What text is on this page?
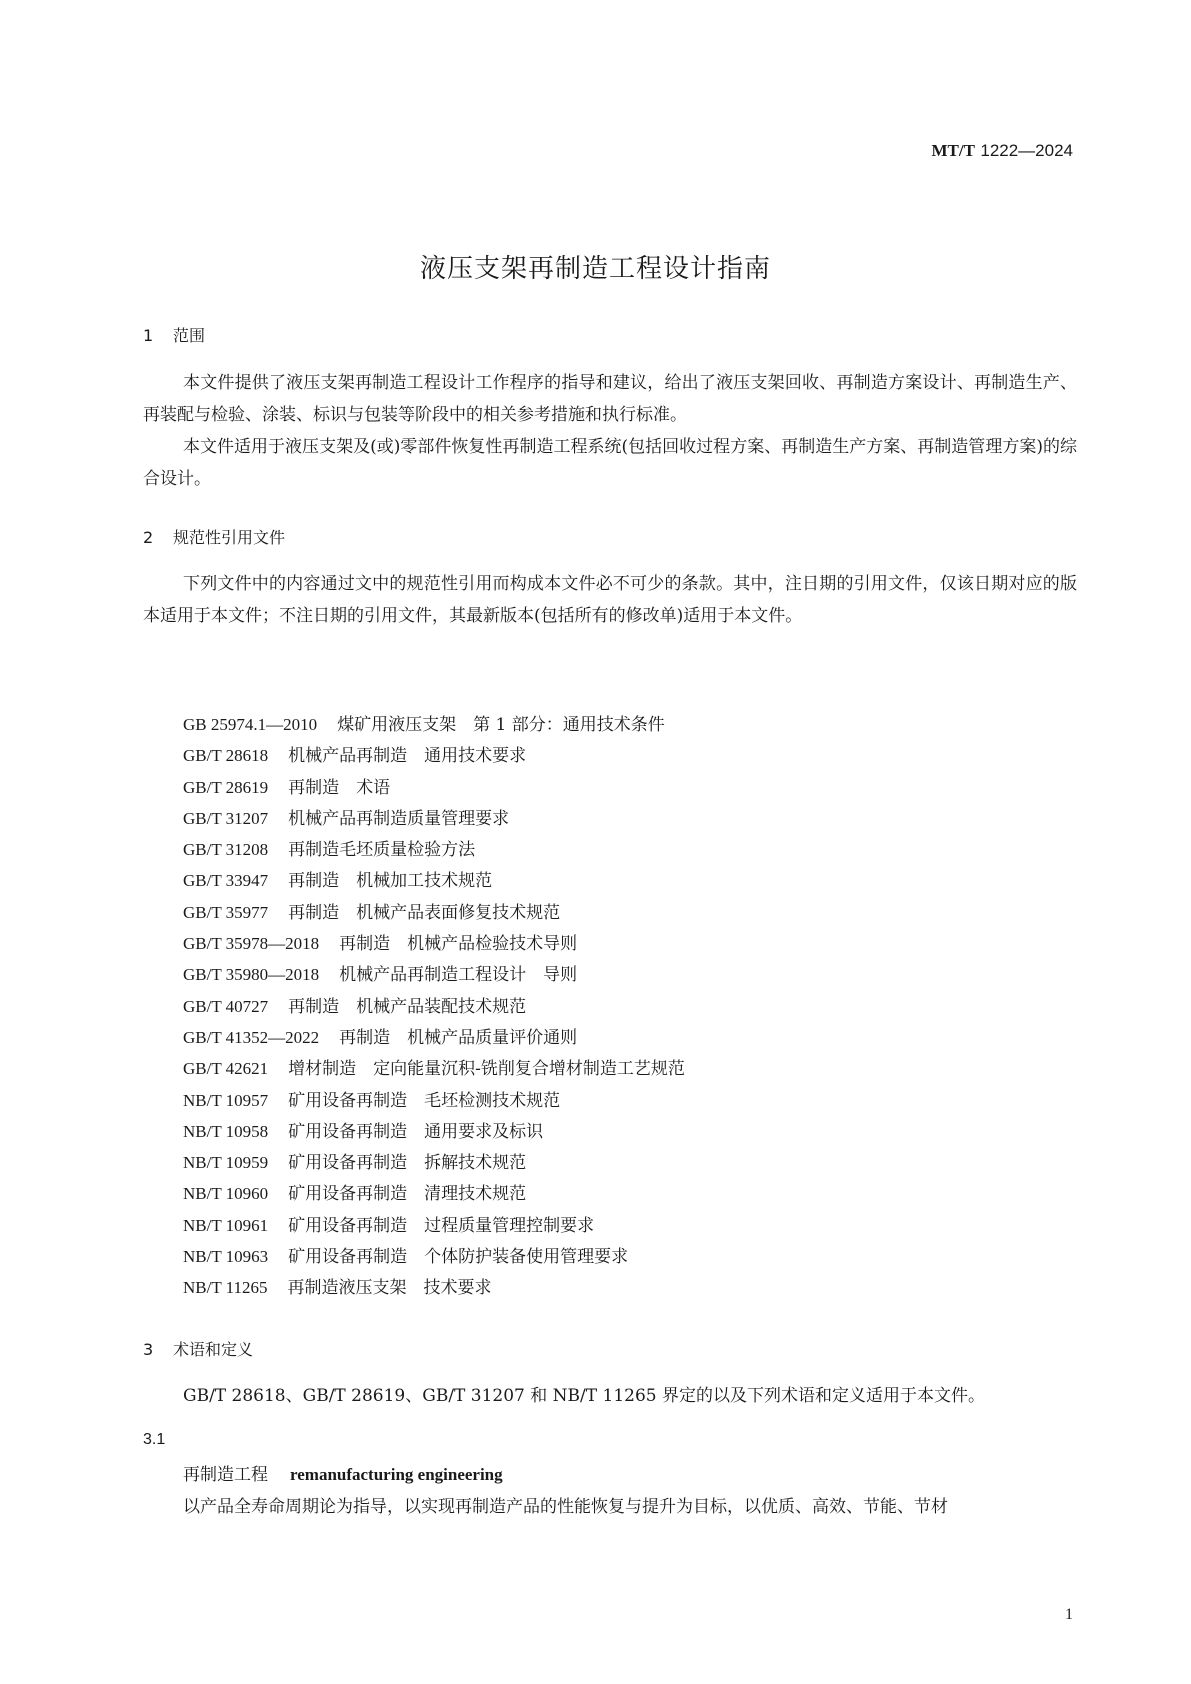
MT/T 1222—2024
液压支架再制造工程设计指南
1 范围

本文件提供了液压支架再制造工程设计工作程序的指导和建议，给出了液压支架回收、再制造方案设计、再制造生产、再装配与检验、涂装、标识与包装等阶段中的相关参考措施和执行标准。

本文件适用于液压支架及(或)零部件恢复性再制造工程系统(包括回收过程方案、再制造生产方案、再制造管理方案)的综合设计。

2 规范性引用文件

下列文件中的内容通过文中的规范性引用而构成本文件必不可少的条款。其中，注日期的引用文件，仅该日期对应的版本适用于本文件；不注日期的引用文件，其最新版本(包括所有的修改单)适用于本文件。

GB 25974.1—2010 煤矿用液压支架　第 1 部分：通用技术条件
GB/T 28618 机械产品再制造　通用技术要求
GB/T 28619 再制造　术语
GB/T 31207 机械产品再制造质量管理要求
GB/T 31208 再制造毛坯质量检验方法
GB/T 33947 再制造　机械加工技术规范
GB/T 35977 再制造　机械产品表面修复技术规范
GB/T 35978—2018 再制造　机械产品检验技术导则
GB/T 35980—2018 机械产品再制造工程设计　导则
GB/T 40727 再制造　机械产品装配技术规范
GB/T 41352—2022 再制造　机械产品质量评价通则
GB/T 42621 增材制造　定向能量沉积-铣削复合增材制造工艺规范
NB/T 10957 矿用设备再制造　毛坯检测技术规范
NB/T 10958 矿用设备再制造　通用要求及标识
NB/T 10959 矿用设备再制造　拆解技术规范
NB/T 10960 矿用设备再制造　清理技术规范
NB/T 10961 矿用设备再制造　过程质量管理控制要求
NB/T 10963 矿用设备再制造　个体防护装备使用管理要求
NB/T 11265 再制造液压支架　技术要求
3 术语和定义

GB/T 28618、GB/T 28619、GB/T 31207 和 NB/T 11265 界定的以及下列术语和定义适用于本文件。

3.1
再制造工程 remanufacturing engineering
以产品全寿命周期论为指导，以实现再制造产品的性能恢复与提升为目标，以优质、高效、节能、节材
1
